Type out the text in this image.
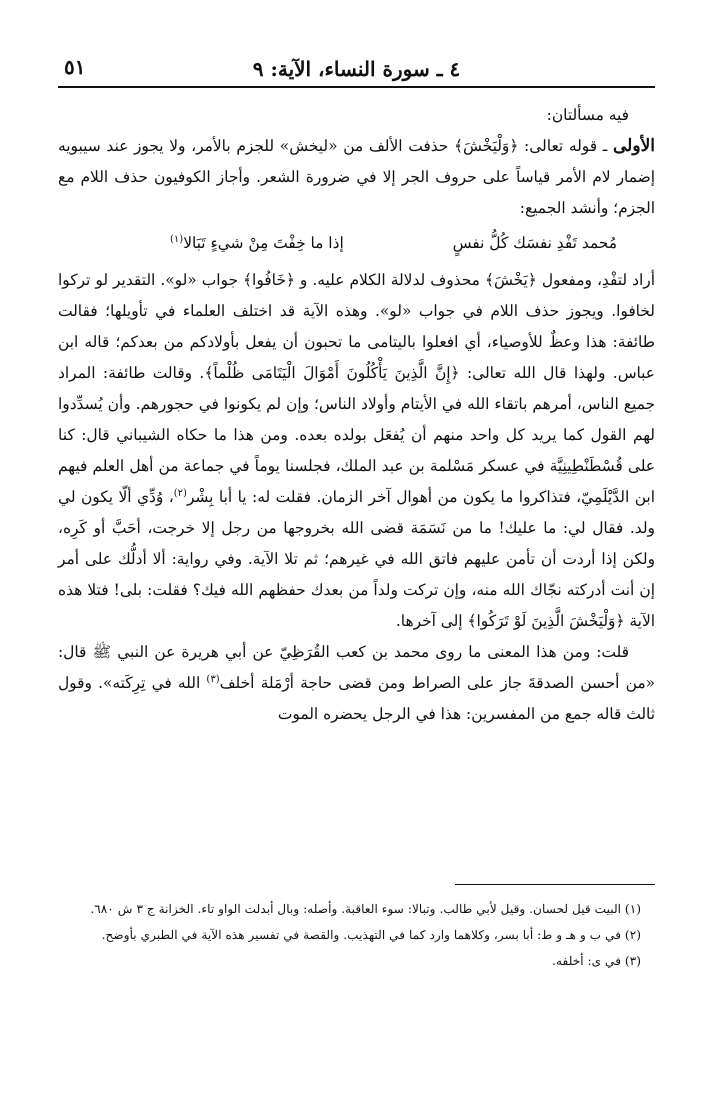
٤ ـ سورة النساء، الآية: ٩
٥١

فيه مسألتان:

الأولى ـ قوله تعالى: ﴿وَلْيَخْشَ﴾ حذفت الألف من «ليخش» للجزم بالأمر، ولا يجوز عند سيبويه إضمار لام الأمر قياساً على حروف الجر إلا في ضرورة الشعر. وأجاز الكوفيون حذف اللام مع الجزم؛ وأنشد الجميع:

مُحمد تَفْدِ نفسَك كُلُّ نفسٍ
إذا ما خِفْتَ مِنْ شيءٍ تَبَالا$^{(١)}$

أراد لتفْدِ، ومفعول ﴿يَخْشَ﴾ محذوف لدلالة الكلام عليه. و ﴿خَافُوا﴾ جواب «لو». التقدير لو تركوا لخافوا. ويجوز حذف اللام في جواب «لو». وهذه الآية قد اختلف العلماء في تأويلها؛ فقالت طائفة: هذا وعظٌ للأوصياء، أي افعلوا باليتامى ما تحبون أن يفعل بأولادكم من بعدكم؛ قاله ابن عباس. ولهذا قال الله تعالى: ﴿إِنَّ الَّذِينَ يَأْكُلُونَ أَمْوَالَ الْيَتَامَى ظُلْماً﴾. وقالت طائفة: المراد جميع الناس، أمرهم باتقاء الله في الأيتام وأولاد الناس؛ وإن لم يكونوا في حجورهم. وأن يُسدِّدوا لهم القول كما يريد كل واحد منهم أن يُفعَل بولده بعده. ومن هذا ما حكاه الشيباني قال: كنا على قُسْطَنْطِينِيَّة في عسكر مَسْلمة بن عبد الملك، فجلسنا يوماً في جماعة من أهل العلم فيهم ابن الدَّيْلَمِيّ، فتذاكروا ما يكون من أهوال آخر الزمان. فقلت له: يا أبا بِشْر$^{(٢)}$، وُدِّي ألّا يكون لي ولد. فقال لي: ما عليك! ما من نَسَمَة قضى الله بخروجها من رجل إلا خرجت، أحَبَّ أو كَرِه، ولكن إذا أردت أن تأمن عليهم فاتق الله في غيرهم؛ ثم تلا الآية. وفي رواية: ألا أدلُّك على أمر إن أنت أدركته نجّاك الله منه، وإن تركت ولداً من بعدك حفظهم الله فيك؟ فقلت: بلى! فتلا هذه الآية ﴿وَلْيَخْشَ الَّذِينَ لَوْ تَرَكُوا﴾ إلى آخرها.

قلت: ومن هذا المعنى ما روى محمد بن كعب القُرَظِيّ عن أبي هريرة عن النبي ﷺ قال: «من أحسن الصدقةَ جاز على الصراط ومن قضى حاجة أرْمَلة أخلف$^{(٣)}$ الله في تِرِكَته». وقول ثالث قاله جمع من المفسرين: هذا في الرجل يحضره الموت

(١) البيت قيل لحسان. وقيل لأبي طالب. وتبالا: سوء العاقبة. وأصله: وبال أبدلت الواو تاء. الخزانة ج ٣ ش ٦٨٠.

(٢) في ب و هـ و ط: أبا بسر، وكلاهما وارد كما في التهذيب. والقصة في تفسير هذه الآية في الطبري بأوضح.

(٣) في ى: أخلفه.
